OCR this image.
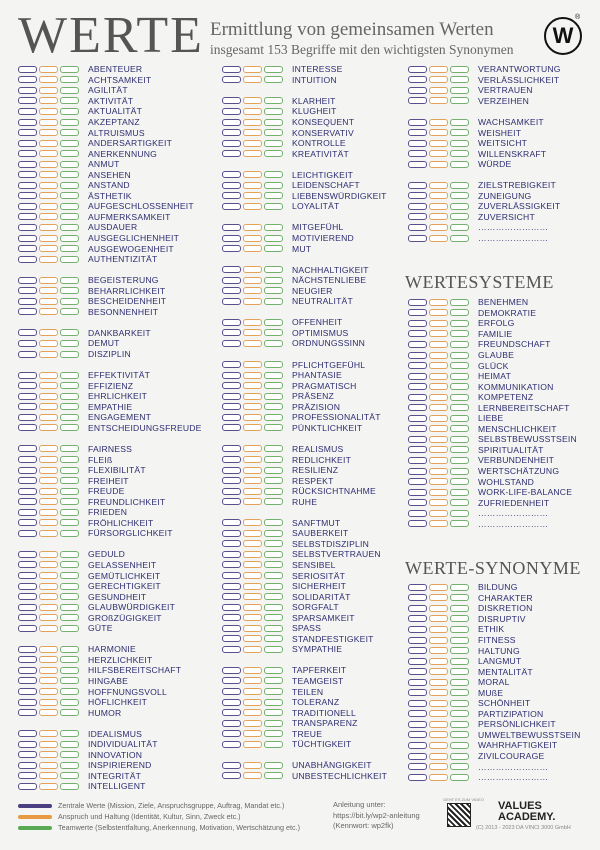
WERTE Ermittlung von gemeinsamen Werten
insgesamt 153 Begriffe mit den wichtigsten Synonymen
W
®
ABENTEUER
ACHTSAMKEIT
AGILITÄT
AKTIVITÄT
AKTUALITÄT
AKZEPTANZ
ALTRUISMUS
ANDERSARTIGKEIT
ANERKENNUNG
ANMUT
ANSEHEN
ANSTAND
ÄSTHETIK
AUFGESCHLOSSENHEIT
AUFMERKSAMKEIT
AUSDAUER
AUSGEGLICHENHEIT
AUSGEWOGENHEIT
AUTHENTIZITÄT
BEGEISTERUNG
BEHARRLICHKEIT
BESCHEIDENHEIT
BESONNENHEIT
DANKBARKEIT
DEMUT
DISZIPLIN
EFFEKTIVITÄT
EFFIZIENZ
EHRLICHKEIT
EMPATHIE
ENGAGEMENT
ENTSCHEIDUNGSFREUDE
FAIRNESS
FLEIß
FLEXIBILITÄT
FREIHEIT
FREUDE
FREUNDLICHKEIT
FRIEDEN
FRÖHLICHKEIT
FÜRSORGLICHKEIT
GEDULD
GELASSENHEIT
GEMÜTLICHKEIT
GERECHTIGKEIT
GESUNDHEIT
GLAUBWÜRDIGKEIT
GROßZÜGIGKEIT
GÜTE
HARMONIE
HERZLICHKEIT
HILFSBEREITSCHAFT
HINGABE
HOFFNUNGSVOLL
HÖFLICHKEIT
HUMOR
IDEALISMUS
INDIVIDUALITÄT
INNOVATION
INSPIRIEREND
INTEGRITÄT
INTELLIGENT
INTERESSE
INTUITION
KLARHEIT
KLUGHEIT
KONSEQUENT
KONSERVATIV
KONTROLLE
KREATIVITÄT
LEICHTIGKEIT
LEIDENSCHAFT
LIEBENSWÜRDIGKEIT
LOYALITÄT
MITGEFÜHL
MOTIVIEREND
MUT
NACHHALTIGKEIT
NÄCHSTENLIEBE
NEUGIER
NEUTRALITÄT
OFFENHEIT
OPTIMISMUS
ORDNUNGSSINN
PFLICHTGEFÜHL
PHANTASIE
PRAGMATISCH
PRÄSENZ
PRÄZISION
PROFESSIONALITÄT
PÜNKTLICHKEIT
REALISMUS
REDLICHKEIT
RESILIENZ
RESPEKT
RÜCKSICHTNAHME
RUHE
SANFTMUT
SAUBERKEIT
SELBSTDISZIPLIN
SELBSTVERTRAUEN
SENSIBEL
SERIOSITÄT
SICHERHEIT
SOLIDARITÄT
SORGFALT
SPARSAMKEIT
SPASS
STANDFESTIGKEIT
SYMPATHIE
TAPFERKEIT
TEAMGEIST
TEILEN
TOLERANZ
TRADITIONELL
TRANSPARENZ
TREUE
TÜCHTIGKEIT
UNABHÄNGIGKEIT
UNBESTECHLICHKEIT
VERANTWORTUNG
VERLÄSSLICHKEIT
VERTRAUEN
VERZEIHEN
WACHSAMKEIT
WEISHEIT
WEITSICHT
WILLENSKRAFT
WÜRDE
ZIELSTREBIGKEIT
ZUNEIGUNG
ZUVERLÄSSIGKEIT
ZUVERSICHT
……………………
……………………
WERTESYSTEME
BENEHMEN
DEMOKRATIE
ERFOLG
FAMILIE
FREUNDSCHAFT
GLAUBE
GLÜCK
HEIMAT
KOMMUNIKATION
KOMPETENZ
LERNBEREITSCHAFT
LIEBE
MENSCHLICHKEIT
SELBSTBEWUSSTSEIN
SPIRITUALITÄT
VERBUNDENHEIT
WERTSCHÄTZUNG
WOHLSTAND
WORK-LIFE-BALANCE
ZUFRIEDENHEIT
……………………
……………………
WERTE-SYNONYME
BILDUNG
CHARAKTER
DISKRETION
DISRUPTIV
ETHIK
FITNESS
HALTUNG
LANGMUT
MENTALITÄT
MORAL
MUßE
SCHÖNHEIT
PARTIZIPATION
PERSÖNLICHKEIT
UMWELTBEWUSSTSEIN
WAHRHAFTIGKEIT
ZIVILCOURAGE
……………………
……………………
Zentrale Werte (Mission, Ziele, Anspruchsgruppe, Auftrag, Mandat etc.)
Anspruch und Haltung (Identität, Kultur, Sinn, Zweck etc.)
Teamwerte (Selbstentfaltung, Anerkennung, Motivation, Wertschätzung etc.)
Anleitung unter:
https://bit.ly/wp2-anleitung
(Kennwort: wp2fk)
GEHT ES ZUM VIDEO
VALUES
ACADEMY.
(C) 2013 - 2023 DA VINCI 3000 GmbH
